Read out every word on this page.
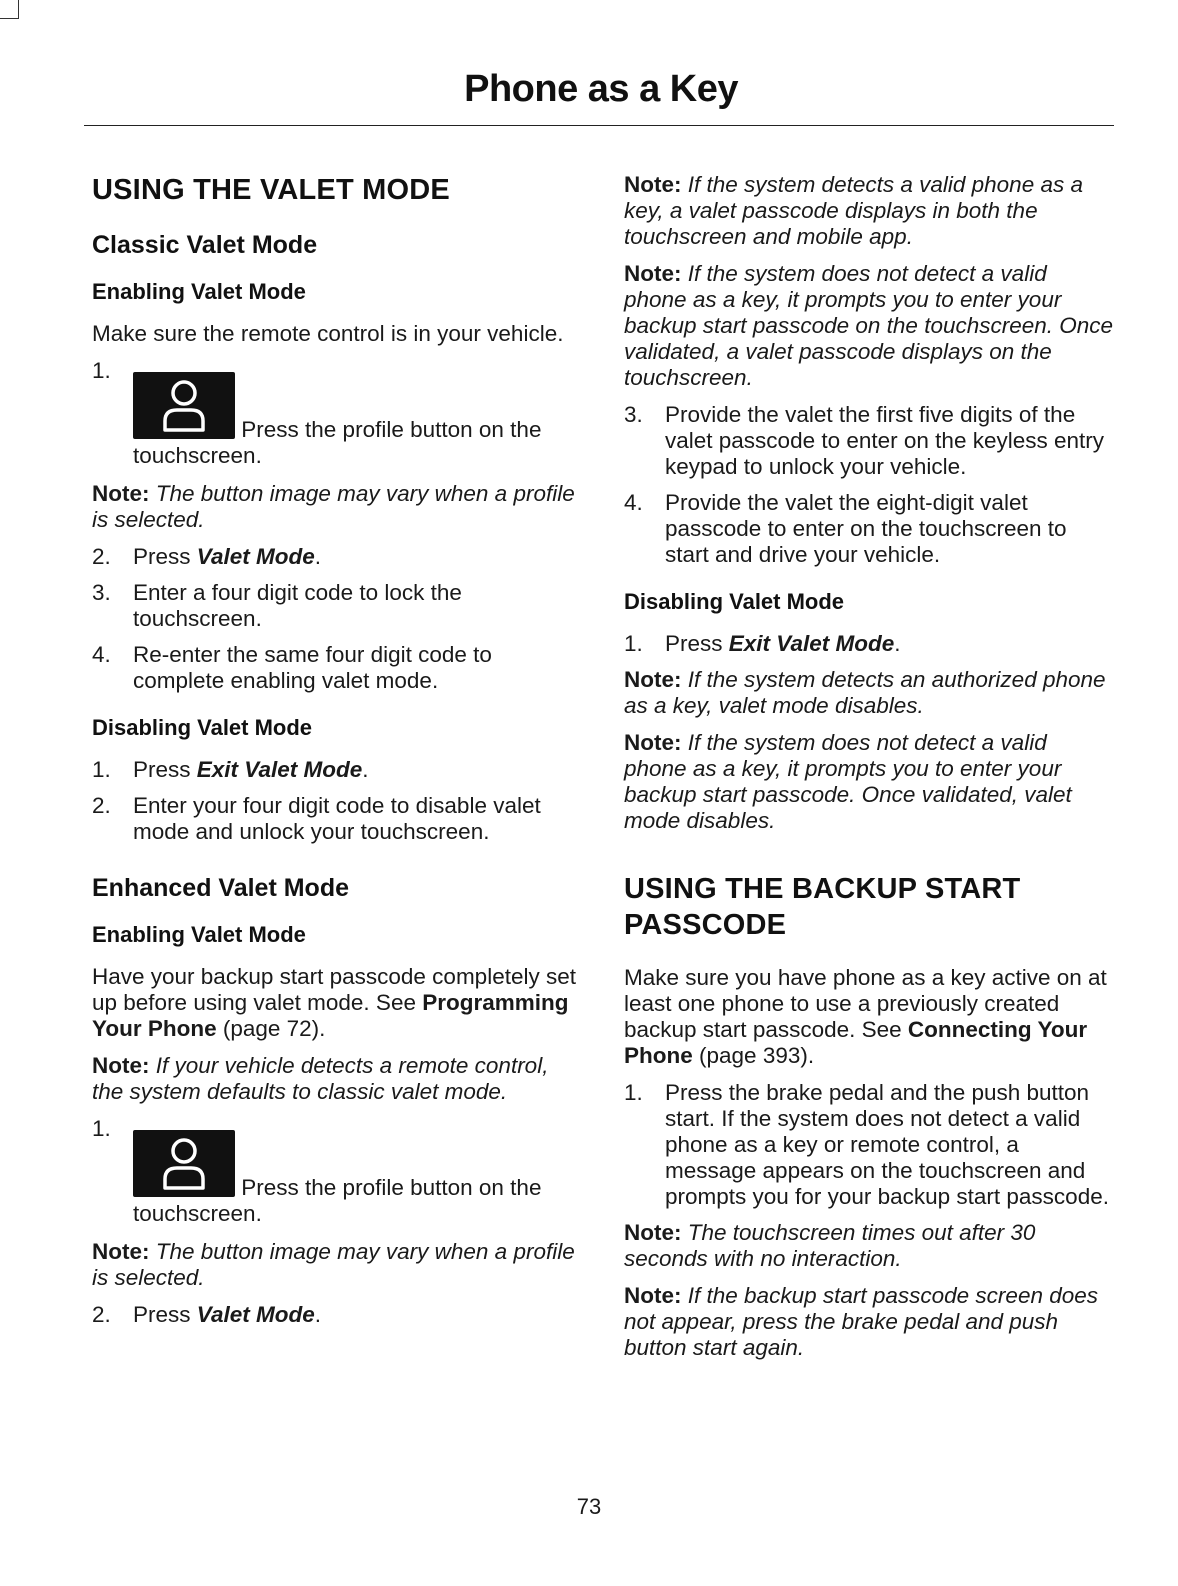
Phone as a Key
USING THE VALET MODE
Classic Valet Mode
Enabling Valet Mode

Make sure the remote control is in your vehicle.

1.
Press the profile button on the touchscreen.

Note: The button image may vary when a profile is selected.

2. Press Valet Mode.
3. Enter a four digit code to lock the touchscreen.
4. Re-enter the same four digit code to complete enabling valet mode.
Disabling Valet Mode
1. Press Exit Valet Mode.
2. Enter your four digit code to disable valet mode and unlock your touchscreen.
Enhanced Valet Mode
Enabling Valet Mode

Have your backup start passcode completely set up before using valet mode. See Programming Your Phone (page 72).

Note: If your vehicle detects a remote control, the system defaults to classic valet mode.

1.
Press the profile button on the touchscreen.

Note: The button image may vary when a profile is selected.

2. Press Valet Mode.

Note: If the system detects a valid phone as a key, a valet passcode displays in both the touchscreen and mobile app.

Note: If the system does not detect a valid phone as a key, it prompts you to enter your backup start passcode on the touchscreen. Once validated, a valet passcode displays on the touchscreen.

3. Provide the valet the first five digits of the valet passcode to enter on the keyless entry keypad to unlock your vehicle.
4. Provide the valet the eight-digit valet passcode to enter on the touchscreen to start and drive your vehicle.
Disabling Valet Mode
1. Press Exit Valet Mode.

Note: If the system detects an authorized phone as a key, valet mode disables.

Note: If the system does not detect a valid phone as a key, it prompts you to enter your backup start passcode. Once validated, valet mode disables.

USING THE BACKUP START PASSCODE

Make sure you have phone as a key active on at least one phone to use a previously created backup start passcode. See Connecting Your Phone (page 393).

1. Press the brake pedal and the push button start. If the system does not detect a valid phone as a key or remote control, a message appears on the touchscreen and prompts you for your backup start passcode.

Note: The touchscreen times out after 30 seconds with no interaction.

Note: If the backup start passcode screen does not appear, press the brake pedal and push button start again.

73
